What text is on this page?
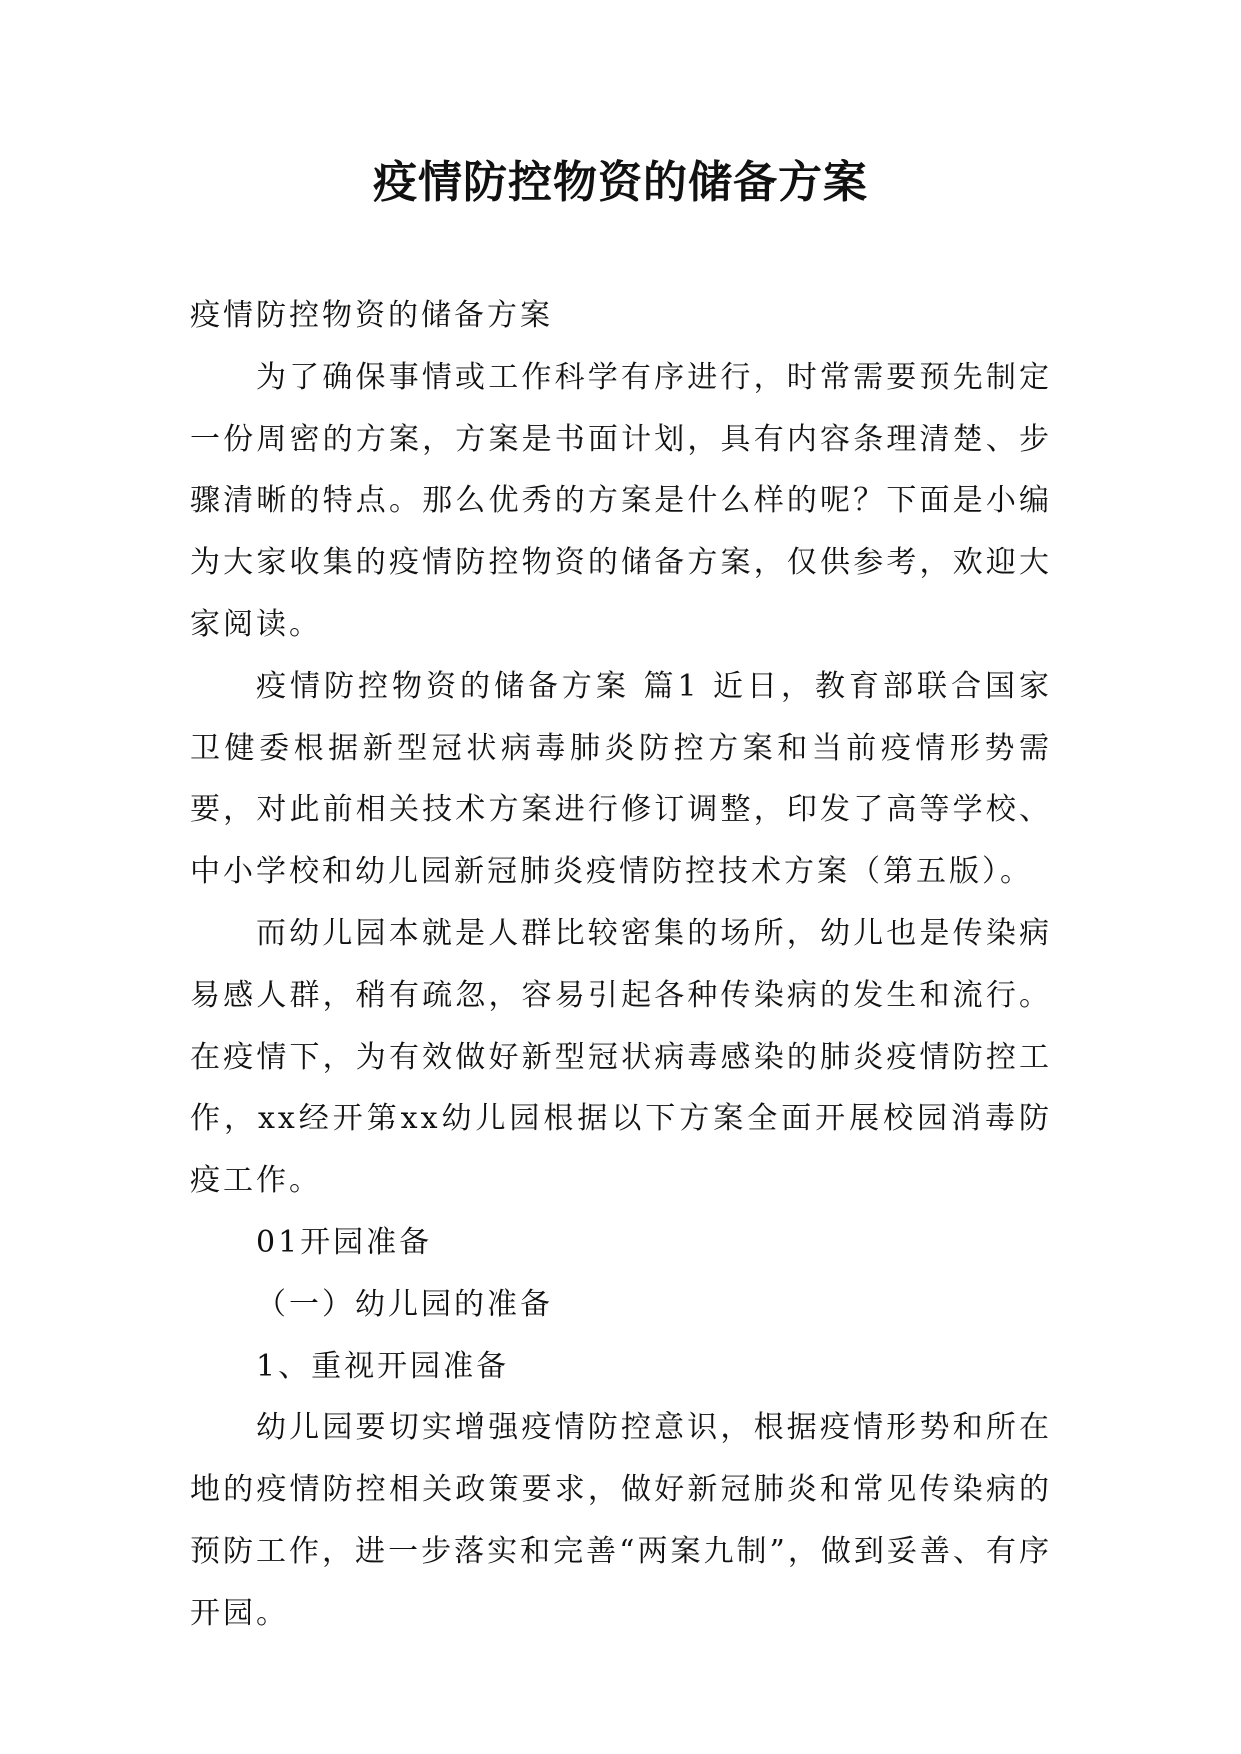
疫情防控物资的储备方案

疫情防控物资的储备方案

为了确保事情或工作科学有序进行，时常需要预先制定一份周密的方案，方案是书面计划，具有内容条理清楚、步骤清晰的特点。那么优秀的方案是什么样的呢？下面是小编为大家收集的疫情防控物资的储备方案，仅供参考，欢迎大家阅读。

疫情防控物资的储备方案 篇1 近日，教育部联合国家卫健委根据新型冠状病毒肺炎防控方案和当前疫情形势需要，对此前相关技术方案进行修订调整，印发了高等学校、中小学校和幼儿园新冠肺炎疫情防控技术方案（第五版）。

而幼儿园本就是人群比较密集的场所，幼儿也是传染病易感人群，稍有疏忽，容易引起各种传染病的发生和流行。在疫情下，为有效做好新型冠状病毒感染的肺炎疫情防控工作，xx经开第xx幼儿园根据以下方案全面开展校园消毒防疫工作。

01开园准备

（一）幼儿园的准备

1、重视开园准备

幼儿园要切实增强疫情防控意识，根据疫情形势和所在地的疫情防控相关政策要求，做好新冠肺炎和常见传染病的预防工作，进一步落实和完善“两案九制”，做到妥善、有序开园。
